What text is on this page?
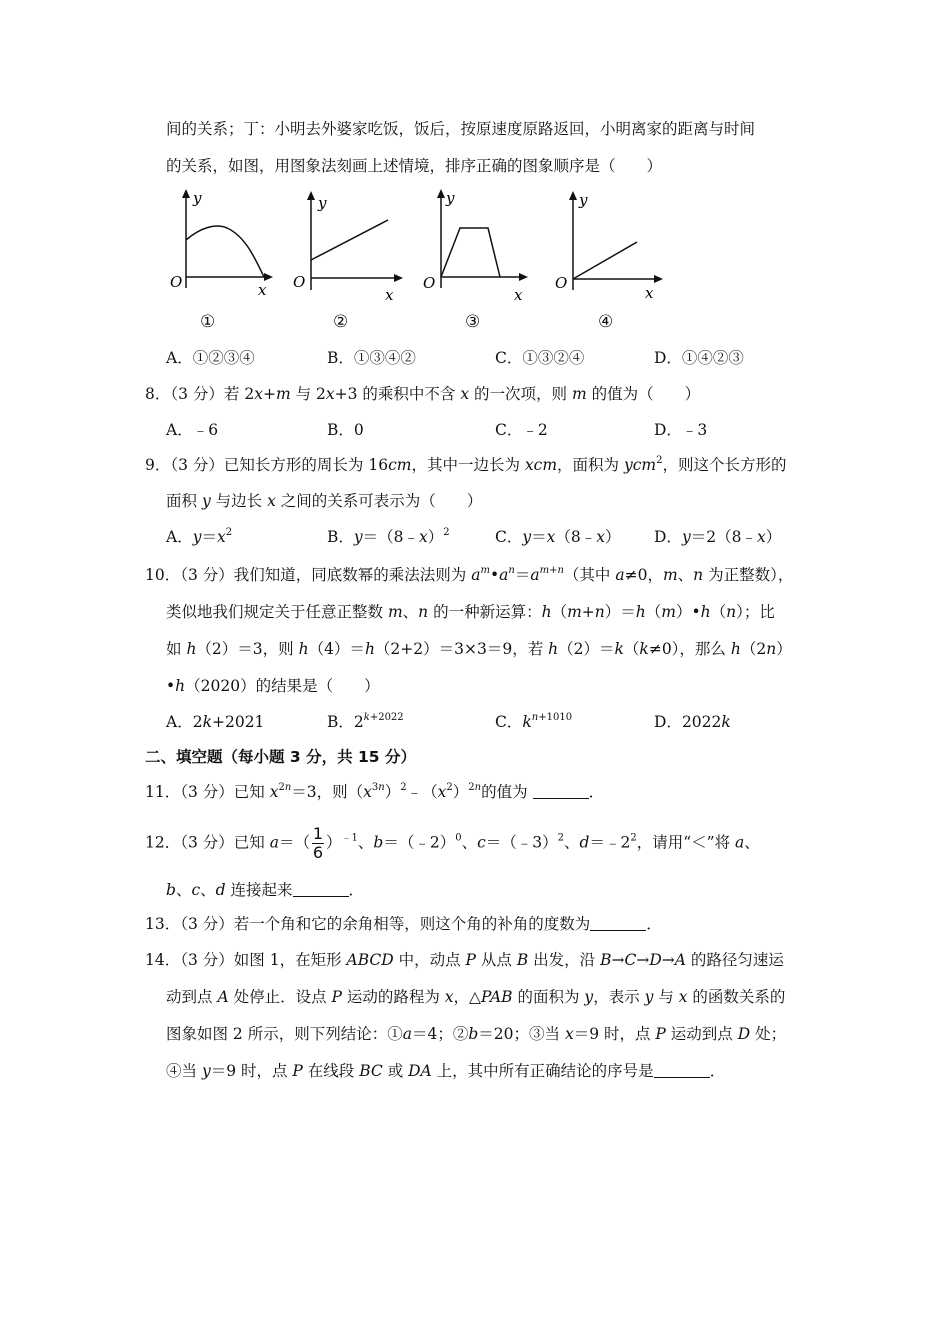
间的关系；丁：小明去外婆家吃饭，饭后，按原速度原路返回，小明离家的距离与时间
的关系，如图，用图象法刻画上述情境，排序正确的图象顺序是（　　）
y
O	x
①
y
O
x
②
y
O
x
③
y
O
x
④
A．①②③④	B．①③④②	C．①③②④	D．①④②③
8．（3 分）若 2x+m 与 2x+3 的乘积中不含 x 的一次项，则 m 的值为（　　）
A．﹣6	B．0	C．﹣2	D．﹣3
9．（3 分）已知长方形的周长为 16cm，其中一边长为 xcm，面积为 ycm$^2$，则这个长方形的
面积 y 与边长 x 之间的关系可表示为（　　）
A．$y=x^2$	B．y＝（8﹣x）$^2$	C．y＝x（8﹣x） D．y＝2（8﹣x）
10．（3 分）我们知道，同底数幂的乘法法则为 $a^m•a^n=a^{m+n}$（其中 a≠0，m、n 为正整数），
类似地我们规定关于任意正整数 m、n 的一种新运算：h（m+n）＝h（m）•h（n）；比
如 h（2）＝3，则 h（4）＝h（2+2）＝3×3＝9，若 h（2）＝k（k≠0），那么 h（2n）
•h（2020）的结果是（　　）
A．2k+2021	B．$2^{k+2022}$	C．$k^{n+1010}$	D．2022k
二、填空题（每小题 3 分，共 15 分）
11．（3 分）已知 $x^{2n}=3$，则$(x^{3n})^2﹣(x^2)^{2n}$的值为	．
12．（3 分）已知 $a=( \frac{1}{6} )^{﹣1}$、b＝（﹣2）$^0$、c＝（﹣3）$^2$、$d=﹣2^2$，请用“＜”将 a、
b、c、d 连接起来	．
13．（3 分）若一个角和它的余角相等，则这个角的补角的度数为	．
14．（3 分）如图 1，在矩形 ABCD 中，动点 P 从点 B 出发，沿 B→C→D→A 的路径匀速运
动到点 A 处停止．设点 P 运动的路程为 x，△PAB 的面积为 y，表示 y 与 x 的函数关系的
图象如图 2 所示，则下列结论：①a＝4；②b＝20；③当 x＝9 时，点 P 运动到点 D 处；
④当 y＝9 时，点 P 在线段 BC 或 DA 上，其中所有正确结论的序号是	．
